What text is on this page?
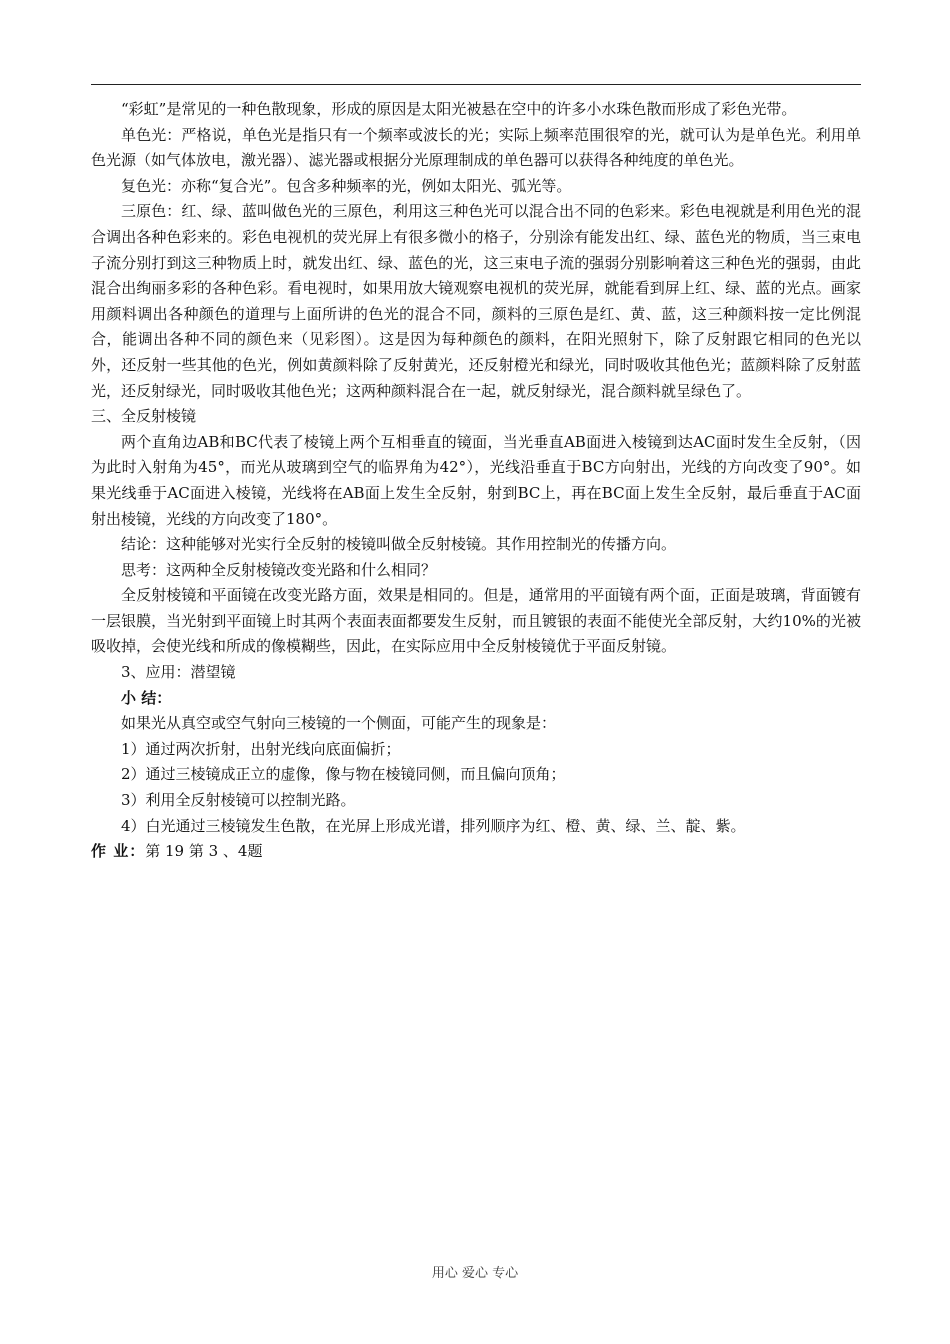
“彩虹”是常见的一种色散现象，形成的原因是太阳光被悬在空中的许多小水珠色散而形成了彩色光带。

单色光：严格说，单色光是指只有一个频率或波长的光；实际上频率范围很窄的光，就可认为是单色光。利用单色光源（如气体放电，激光器）、滤光器或根据分光原理制成的单色器可以获得各种纯度的单色光。

复色光：亦称“复合光”。包含多种频率的光，例如太阳光、弧光等。

三原色：红、绿、蓝叫做色光的三原色，利用这三种色光可以混合出不同的色彩来。彩色电视就是利用色光的混合调出各种色彩来的。彩色电视机的荧光屏上有很多微小的格子，分别涂有能发出红、绿、蓝色光的物质，当三束电子流分别打到这三种物质上时，就发出红、绿、蓝色的光，这三束电子流的强弱分别影响着这三种色光的强弱，由此混合出绚丽多彩的各种色彩。看电视时，如果用放大镜观察电视机的荧光屏，就能看到屏上红、绿、蓝的光点。画家用颜料调出各种颜色的道理与上面所讲的色光的混合不同，颜料的三原色是红、黄、蓝，这三种颜料按一定比例混合，能调出各种不同的颜色来（见彩图）。这是因为每种颜色的颜料，在阳光照射下，除了反射跟它相同的色光以外，还反射一些其他的色光，例如黄颜料除了反射黄光，还反射橙光和绿光，同时吸收其他色光；蓝颜料除了反射蓝光，还反射绿光，同时吸收其他色光；这两种颜料混合在一起，就反射绿光，混合颜料就呈绿色了。

三、全反射棱镜

两个直角边AB和BC代表了棱镜上两个互相垂直的镜面，当光垂直AB面进入棱镜到达AC面时发生全反射，（因为此时入射角为45°，而光从玻璃到空气的临界角为42°），光线沿垂直于BC方向射出，光线的方向改变了90°。如果光线垂于AC面进入棱镜，光线将在AB面上发生全反射，射到BC上，再在BC面上发生全反射，最后垂直于AC面射出棱镜，光线的方向改变了180°。

结论：这种能够对光实行全反射的棱镜叫做全反射棱镜。其作用控制光的传播方向。

思考：这两种全反射棱镜改变光路和什么相同？

全反射棱镜和平面镜在改变光路方面，效果是相同的。但是，通常用的平面镜有两个面，正面是玻璃，背面镀有一层银膜，当光射到平面镜上时其两个表面表面都要发生反射，而且镀银的表面不能使光全部反射，大约10%的光被吸收掉，会使光线和所成的像模糊些，因此，在实际应用中全反射棱镜优于平面反射镜。

3、应用：潜望镜

小 结：

如果光从真空或空气射向三棱镜的一个侧面，可能产生的现象是：

1）通过两次折射，出射光线向底面偏折；

2）通过三棱镜成正立的虚像，像与物在棱镜同侧，而且偏向顶角；

3）利用全反射棱镜可以控制光路。

4）白光通过三棱镜发生色散，在光屏上形成光谱，排列顺序为红、橙、黄、绿、兰、靛、紫。

作 业：第 19 第 3 、4题

用心 爱心 专心
